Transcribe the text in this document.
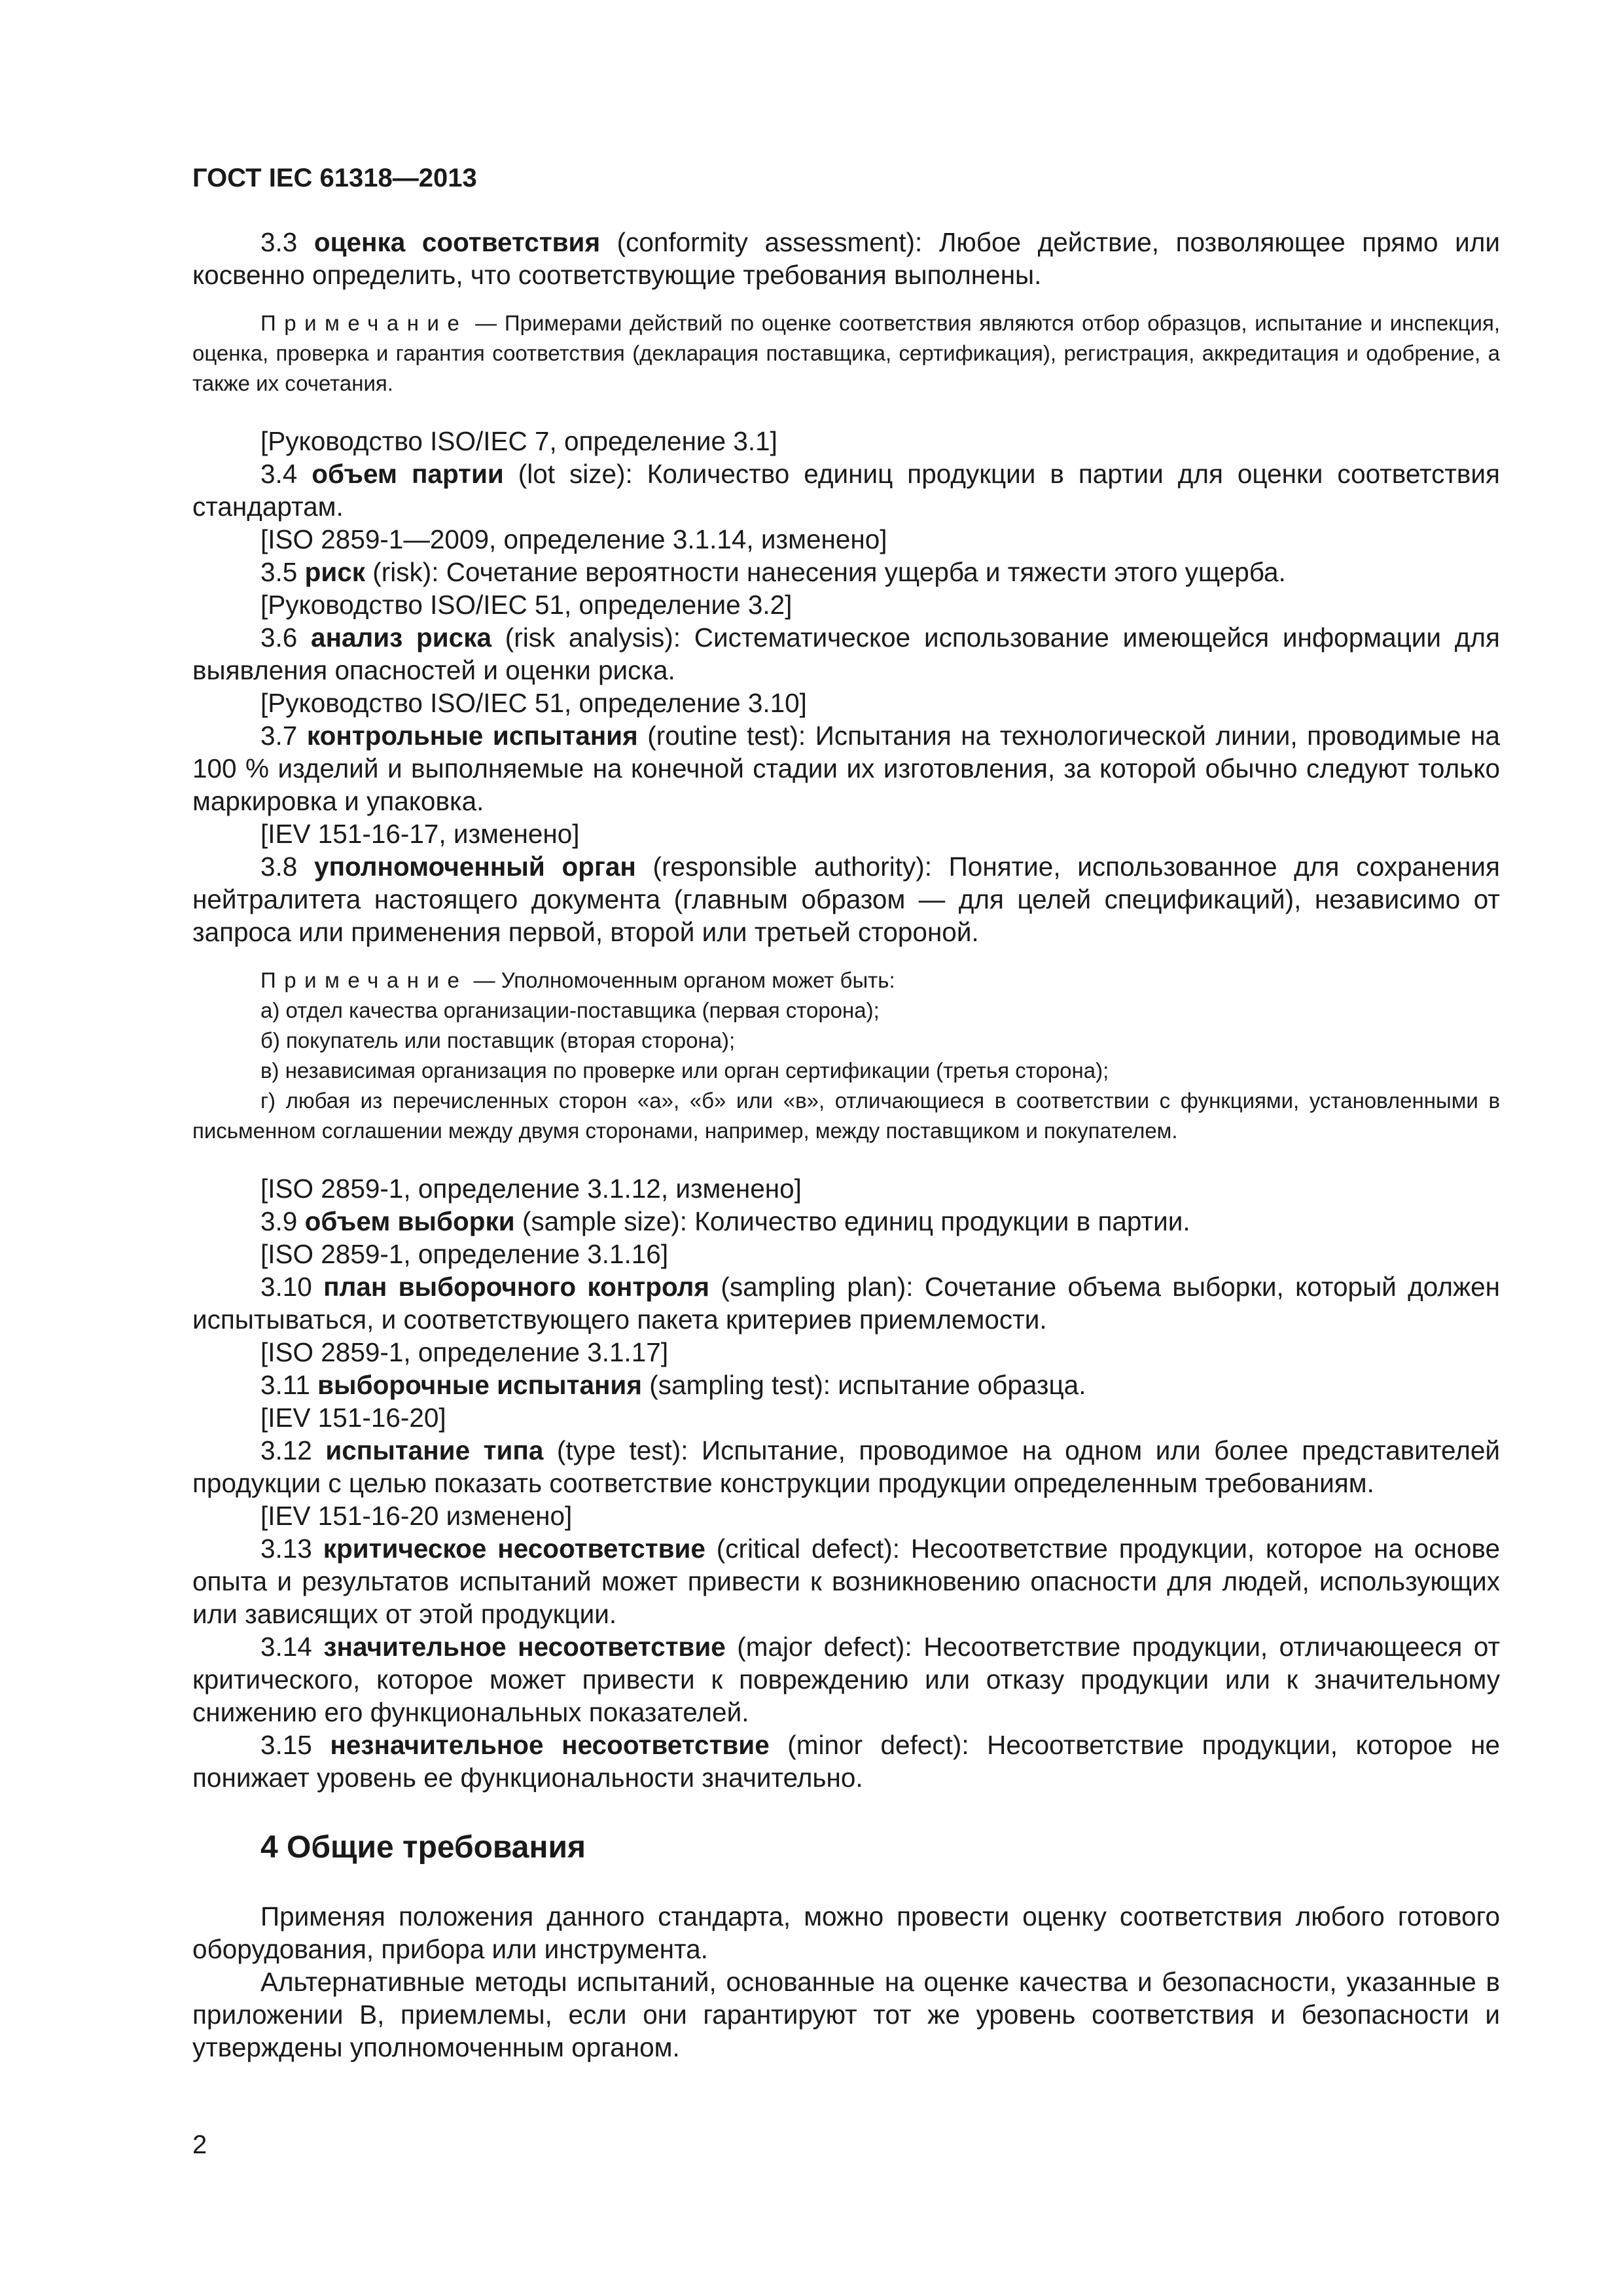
ГОСТ IEC 61318—2013

3.3 оценка соответствия (conformity assessment): Любое действие, позволяющее прямо или косвенно определить, что соответствующие требования выполнены.

Примечание — Примерами действий по оценке соответствия являются отбор образцов, испытание и инспекция, оценка, проверка и гарантия соответствия (декларация поставщика, сертификация), регистрация, аккредитация и одобрение, а также их сочетания.

[Руководство ISO/IEC 7, определение 3.1]

3.4 объем партии (lot size): Количество единиц продукции в партии для оценки соответствия стандартам.

[ISO 2859-1—2009, определение 3.1.14, изменено]

3.5 риск (risk): Сочетание вероятности нанесения ущерба и тяжести этого ущерба.

[Руководство ISO/IEC 51, определение 3.2]

3.6 анализ риска (risk analysis): Систематическое использование имеющейся информации для выявления опасностей и оценки риска.

[Руководство ISO/IEC 51, определение 3.10]

3.7 контрольные испытания (routine test): Испытания на технологической линии, проводимые на 100 % изделий и выполняемые на конечной стадии их изготовления, за которой обычно следуют только маркировка и упаковка.

[IEV 151-16-17, изменено]

3.8 уполномоченный орган (responsible authority): Понятие, использованное для сохранения нейтралитета настоящего документа (главным образом — для целей спецификаций), независимо от запроса или применения первой, второй или третьей стороной.

Примечание — Уполномоченным органом может быть:

а) отдел качества организации-поставщика (первая сторона);

б) покупатель или поставщик (вторая сторона);

в) независимая организация по проверке или орган сертификации (третья сторона);

г) любая из перечисленных сторон «а», «б» или «в», отличающиеся в соответствии с функциями, установленными в письменном соглашении между двумя сторонами, например, между поставщиком и покупателем.

[ISO 2859-1, определение 3.1.12, изменено]

3.9 объем выборки (sample size): Количество единиц продукции в партии.

[ISO 2859-1, определение 3.1.16]

3.10 план выборочного контроля (sampling plan): Сочетание объема выборки, который должен испытываться, и соответствующего пакета критериев приемлемости.

[ISO 2859-1, определение 3.1.17]

3.11 выборочные испытания (sampling test): испытание образца.

[IEV 151-16-20]

3.12 испытание типа (type test): Испытание, проводимое на одном или более представителей продукции с целью показать соответствие конструкции продукции определенным требованиям.

[IEV 151-16-20 изменено]

3.13 критическое несоответствие (critical defect): Несоответствие продукции, которое на основе опыта и результатов испытаний может привести к возникновению опасности для людей, использующих или зависящих от этой продукции.

3.14 значительное несоответствие (major defect): Несоответствие продукции, отличающееся от критического, которое может привести к повреждению или отказу продукции или к значительному снижению его функциональных показателей.

3.15 незначительное несоответствие (minor defect): Несоответствие продукции, которое не понижает уровень ее функциональности значительно.

4 Общие требования

Применяя положения данного стандарта, можно провести оценку соответствия любого готового оборудования, прибора или инструмента.

Альтернативные методы испытаний, основанные на оценке качества и безопасности, указанные в приложении В, приемлемы, если они гарантируют тот же уровень соответствия и безопасности и утверждены уполномоченным органом.

2
